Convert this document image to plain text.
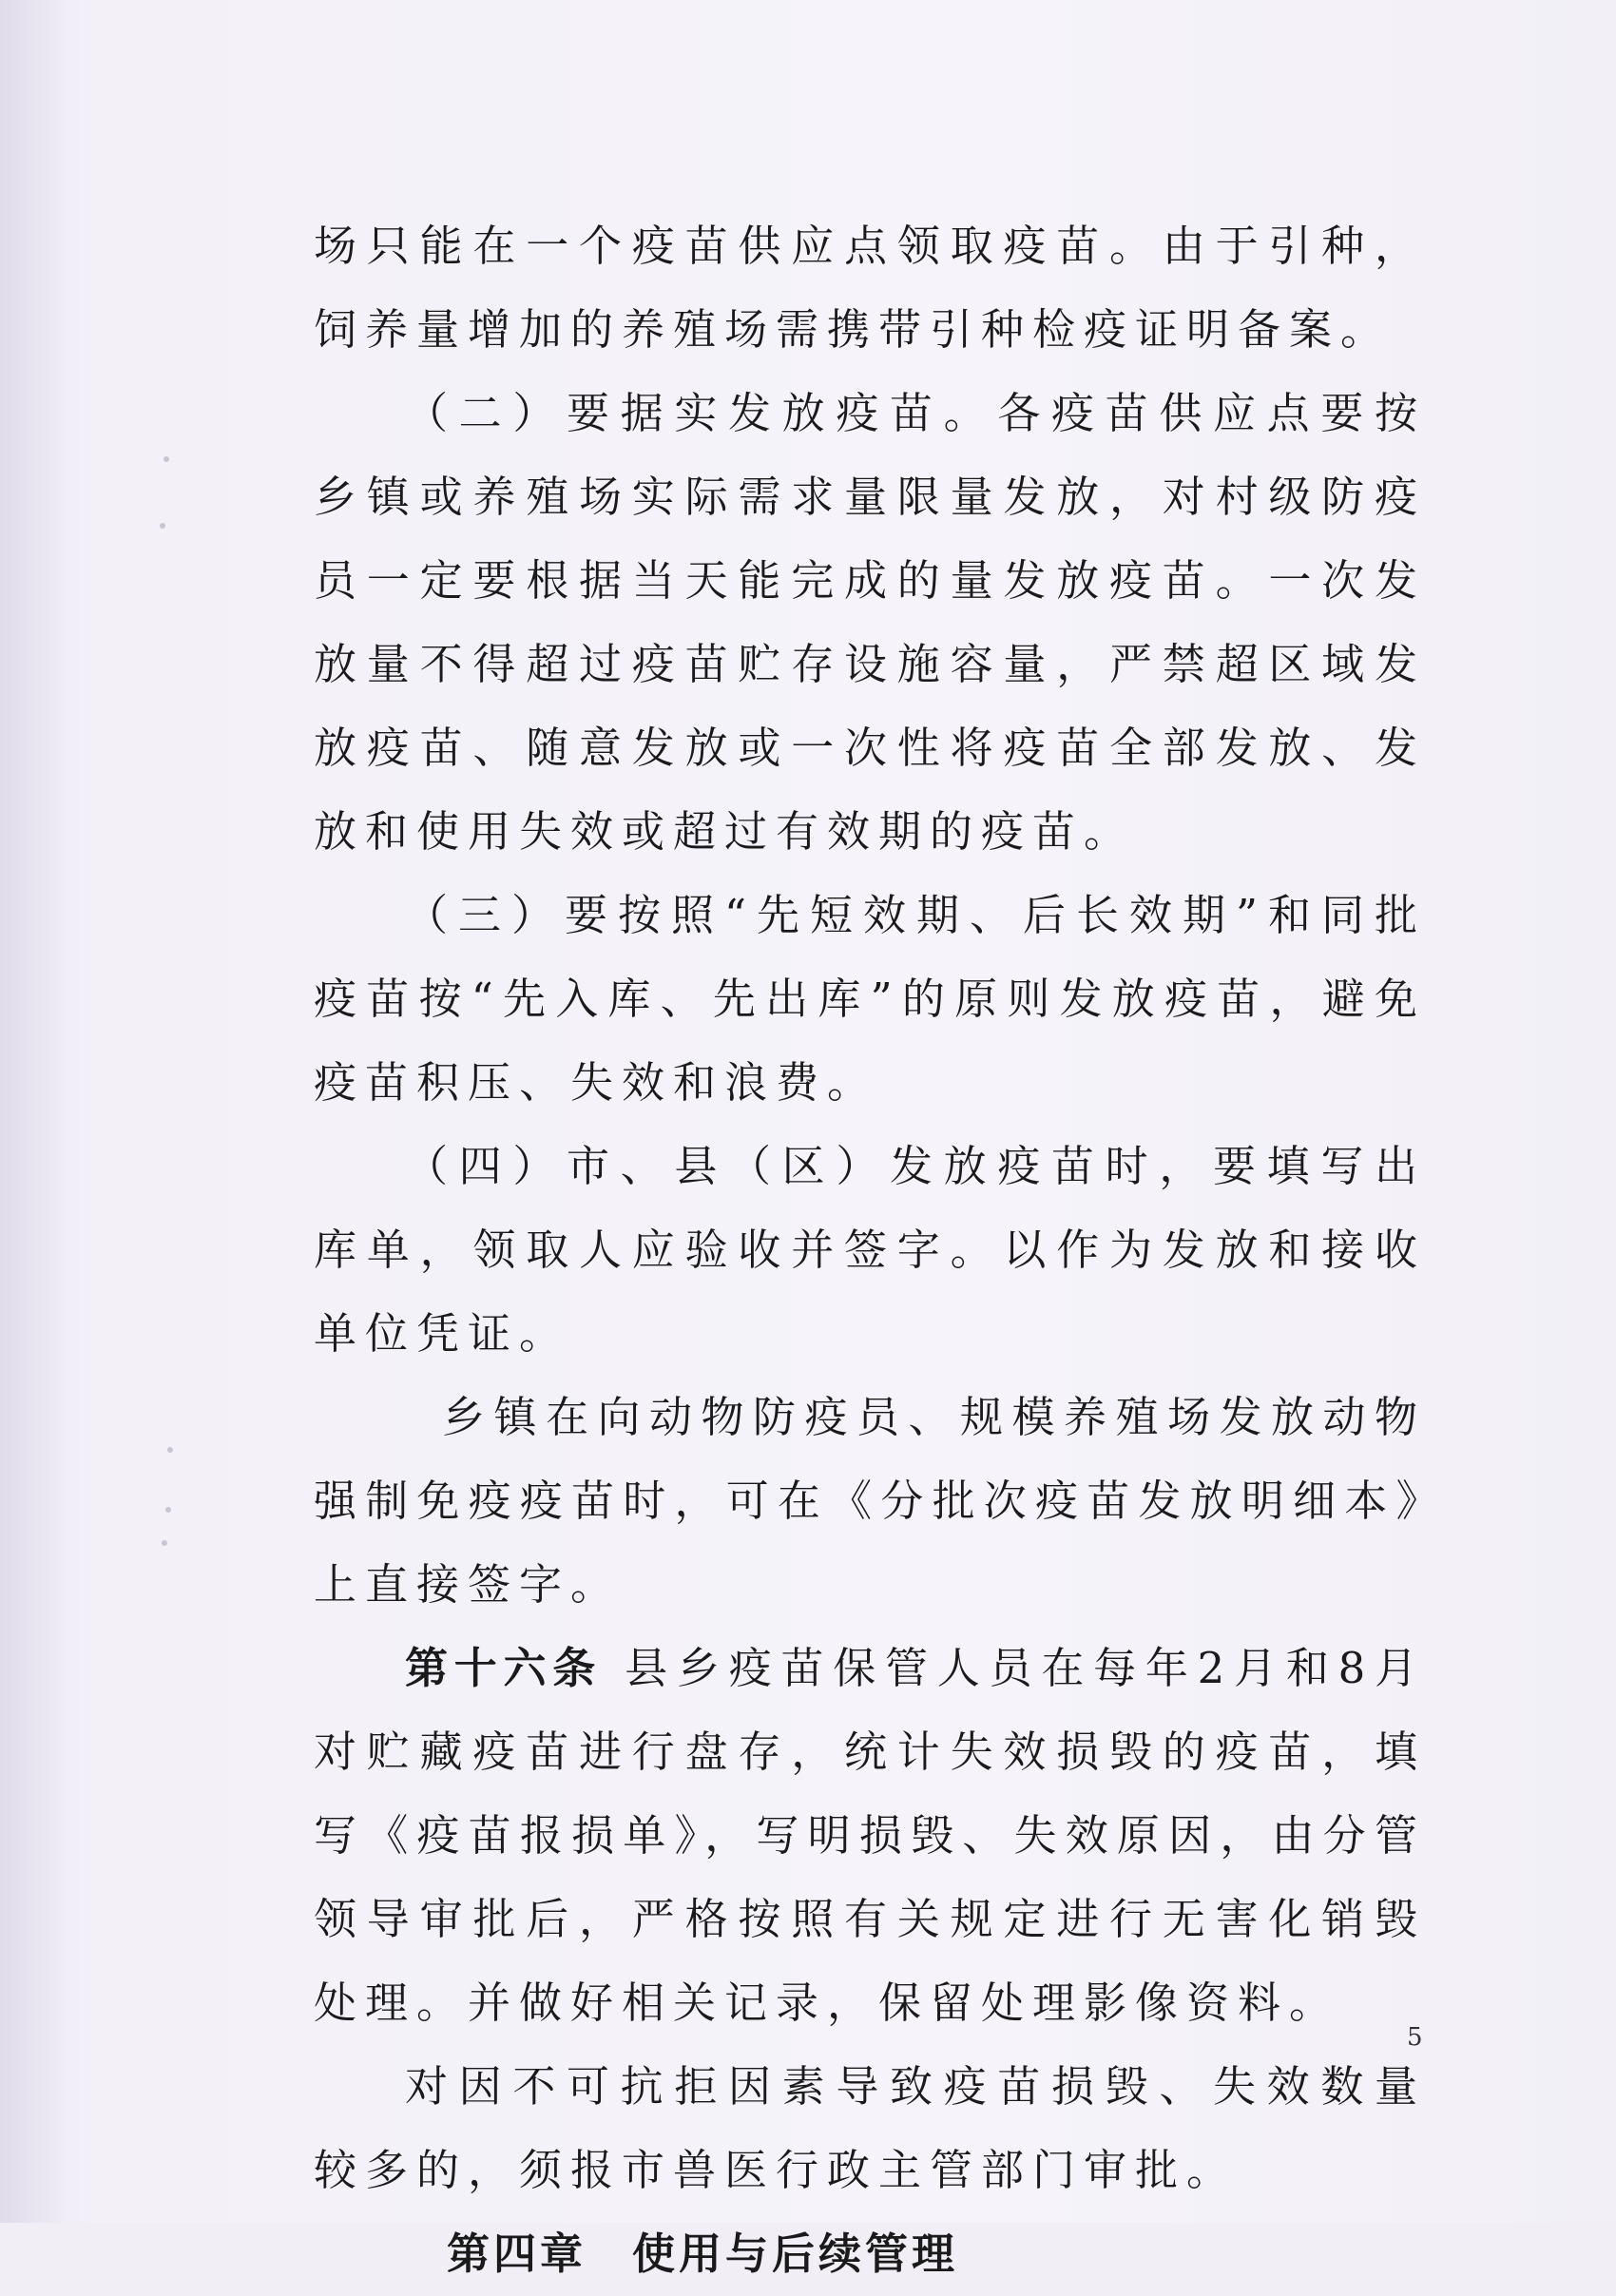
场只能在一个疫苗供应点领取疫苗。由于引种，饲养量增加的养殖场需携带引种检疫证明备案。

（二）要据实发放疫苗。各疫苗供应点要按乡镇或养殖场实际需求量限量发放，对村级防疫员一定要根据当天能完成的量发放疫苗。一次发放量不得超过疫苗贮存设施容量，严禁超区域发放疫苗、随意发放或一次性将疫苗全部发放、发放和使用失效或超过有效期的疫苗。

（三）要按照“先短效期、后长效期”和同批疫苗按“先入库、先出库”的原则发放疫苗，避免疫苗积压、失效和浪费。

（四）市、县（区）发放疫苗时，要填写出库单，领取人应验收并签字。以作为发放和接收单位凭证。

乡镇在向动物防疫员、规模养殖场发放动物强制免疫疫苗时，可在《分批次疫苗发放明细本》上直接签字。

第十六条 县乡疫苗保管人员在每年2月和8月对贮藏疫苗进行盘存，统计失效损毁的疫苗，填写《疫苗报损单》，写明损毁、失效原因，由分管领导审批后，严格按照有关规定进行无害化销毁处理。并做好相关记录，保留处理影像资料。

对因不可抗拒因素导致疫苗损毁、失效数量较多的，须报市兽医行政主管部门审批。

第四章 使用与后续管理

5
